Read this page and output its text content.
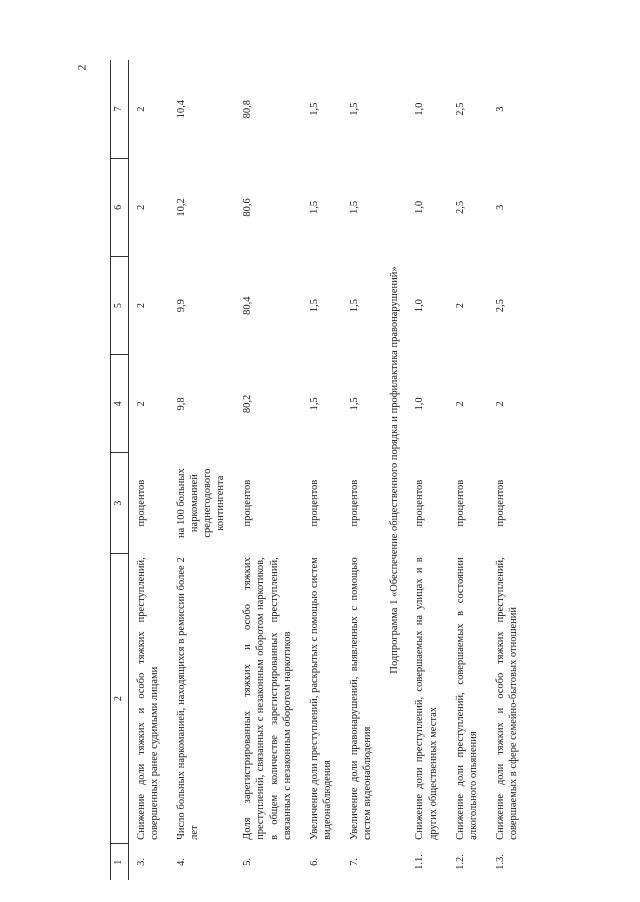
2
1	2	3	4	5	6	7
3.	Снижение доли тяжких и особо тяжких преступлений, совершенных ранее судимыми лицами	процентов	2	2	2	2
4.	Число больных наркоманией, находящихся в ремиссии более 2 лет	на 100 больных наркоманией среднегодового контингента	9,8	9,9	10,2	10,4
5.	Доля зарегистрированных тяжких и особо тяжких преступлений, связанных с незаконным оборотом наркотиков, в общем количестве зарегистрированных преступлений, связанных с незаконным оборотом наркотиков	процентов	80,2	80,4	80,6	80,8
6.	Увеличение доли преступлений, раскрытых с помощью систем видеонаблюдения	процентов	1,5	1,5	1,5	1,5
7.	Увеличение доли правонарушений, выявленных с помощью систем видеонаблюдения	процентов	1,5	1,5	1,5	1,5
Подпрограмма 1 «Обеспечение общественного порядка и профилактика правонарушений»						
1.1.	Снижение доли преступлений, совершаемых на улицах и в других общественных местах	процентов	1,0	1,0	1,0	1,0
1.2.	Снижение доли преступлений, совершаемых в состоянии алкогольного опьянения	процентов	2	2	2,5	2,5
1.3.	Снижение доли тяжких и особо тяжких преступлений, совершаемых в сфере семейно-бытовых отношений	процентов	2	2,5	3	3
